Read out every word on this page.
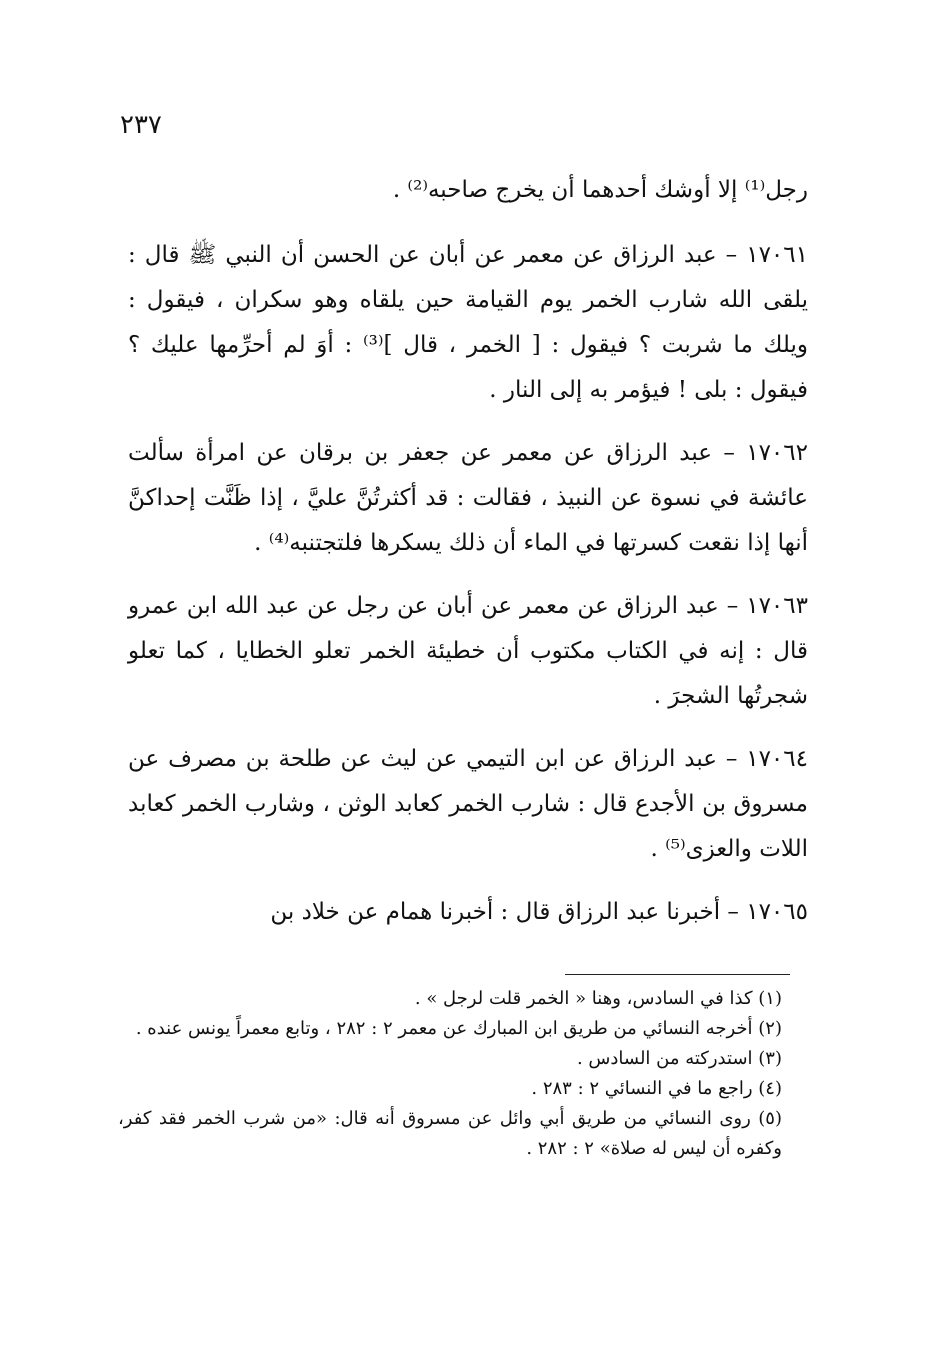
٢٣٧

رجل⁽¹⁾ إلا أوشك أحدهما أن يخرج صاحبه⁽²⁾ .

١٧٠٦١ – عبد الرزاق عن معمر عن أبان عن الحسن أن النبي ﷺ قال : يلقى الله شارب الخمر يوم القيامة حين يلقاه وهو سكران ، فيقول : ويلك ما شربت ؟ فيقول : [ الخمر ، قال ]⁽³⁾ : أوَ لم أحرِّمها عليك ؟ فيقول : بلى ! فيؤمر به إلى النار .

١٧٠٦٢ – عبد الرزاق عن معمر عن جعفر بن برقان عن امرأة سألت عائشة في نسوة عن النبيذ ، فقالت : قد أكثرتُنَّ عليَّ ، إذا ظَنَّت إحداكنَّ أنها إذا نقعت كسرتها في الماء أن ذلك يسكرها فلتجتنبه⁽⁴⁾ .

١٧٠٦٣ – عبد الرزاق عن معمر عن أبان عن رجل عن عبد الله ابن عمرو قال : إنه في الكتاب مكتوب أن خطيئة الخمر تعلو الخطايا ، كما تعلو شجرتُها الشجرَ .

١٧٠٦٤ – عبد الرزاق عن ابن التيمي عن ليث عن طلحة بن مصرف عن مسروق بن الأجدع قال : شارب الخمر كعابد الوثن ، وشارب الخمر كعابد اللات والعزى⁽⁵⁾ .

١٧٠٦٥ – أخبرنا عبد الرزاق قال : أخبرنا همام عن خلاد بن

(١) كذا في السادس، وهنا « الخمر قلت لرجل » .

(٢) أخرجه النسائي من طريق ابن المبارك عن معمر ٢ : ٢٨٢ ، وتابع معمراً يونس عنده .

(٣) استدركته من السادس .

(٤) راجع ما في النسائي ٢ : ٢٨٣ .

(٥) روى النسائي من طريق أبي وائل عن مسروق أنه قال: «من شرب الخمر فقد كفر، وكفره أن ليس له صلاة» ٢ : ٢٨٢ .
